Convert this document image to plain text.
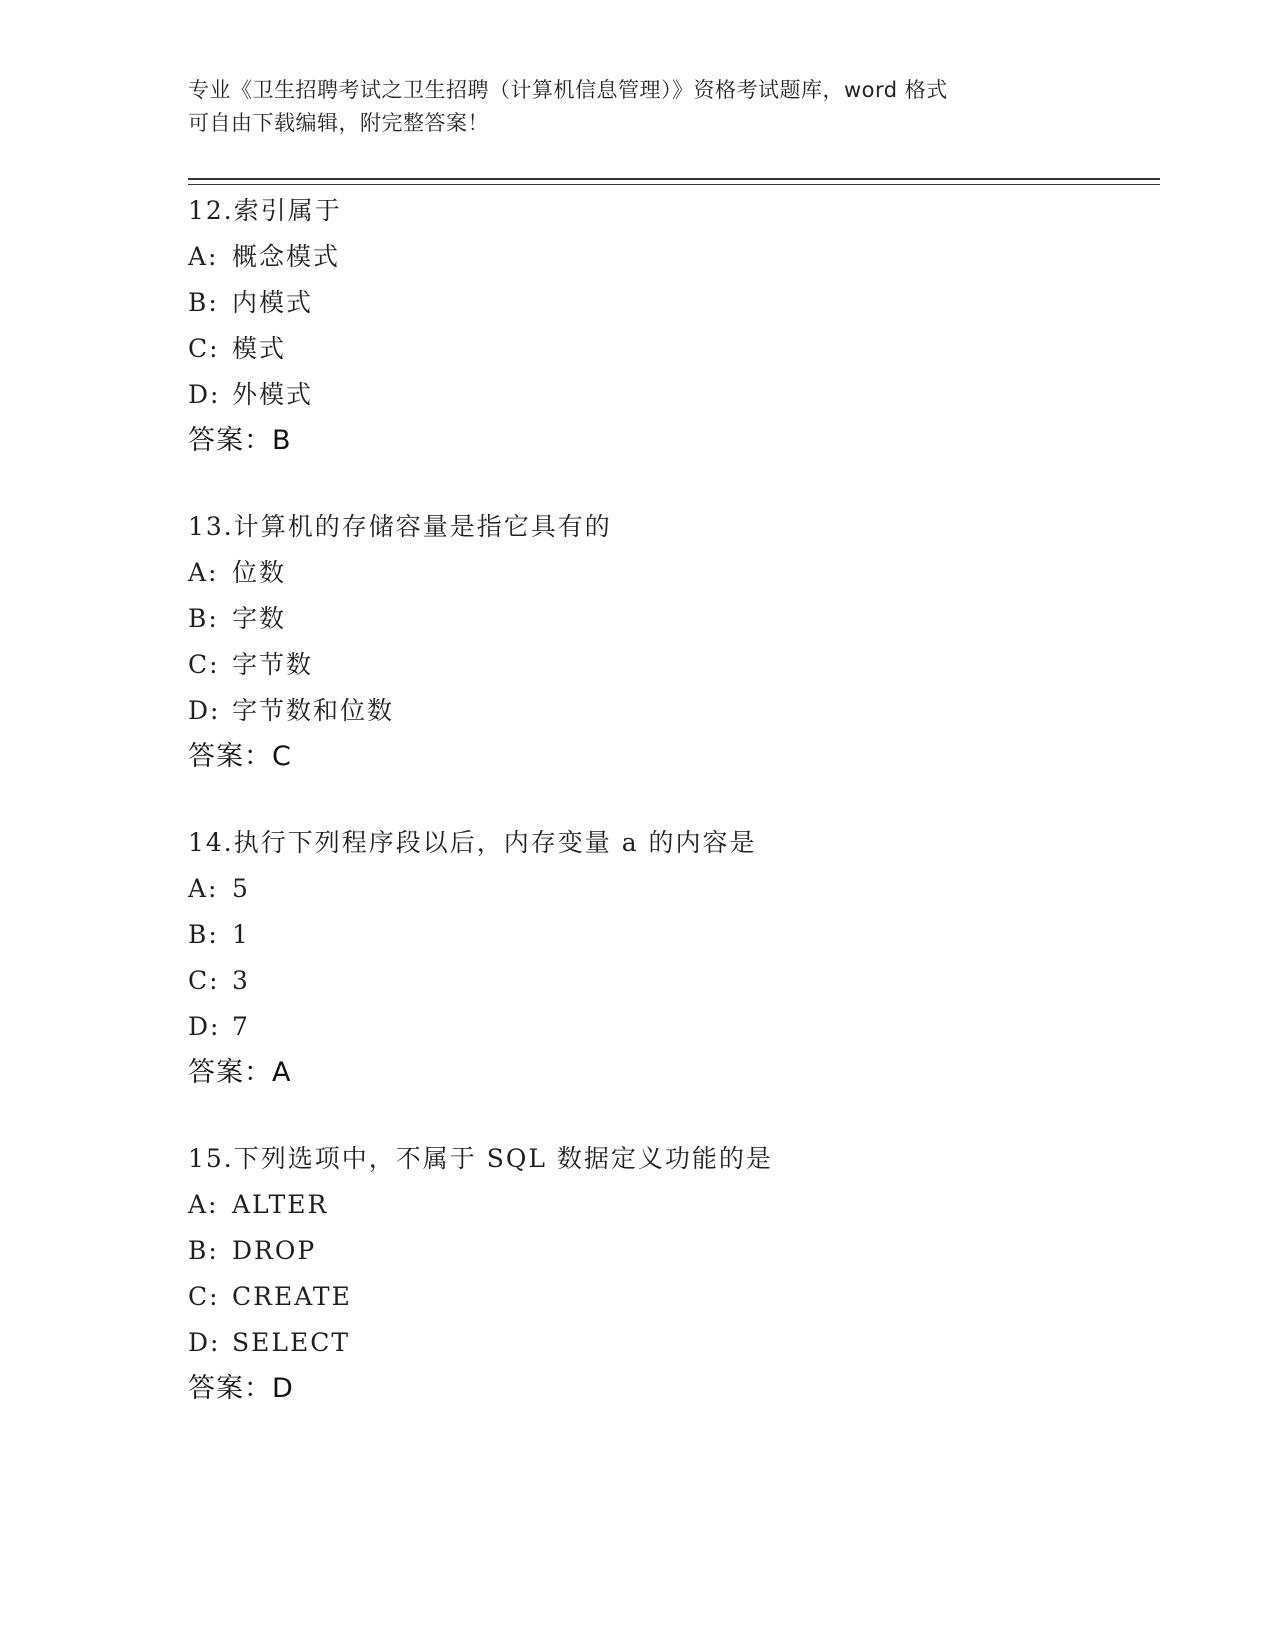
专业《卫生招聘考试之卫生招聘（计算机信息管理）》资格考试题库，word 格式
可自由下载编辑，附完整答案！
12.索引属于
A: 概念模式
B: 内模式
C: 模式
D: 外模式
答案：B
13.计算机的存储容量是指它具有的
A: 位数
B: 字数
C: 字节数
D: 字节数和位数
答案：C
14.执行下列程序段以后，内存变量 a 的内容是
A: 5
B: 1
C: 3
D: 7
答案：A
15.下列选项中，不属于 SQL 数据定义功能的是
A: ALTER
B: DROP
C: CREATE
D: SELECT
答案：D
